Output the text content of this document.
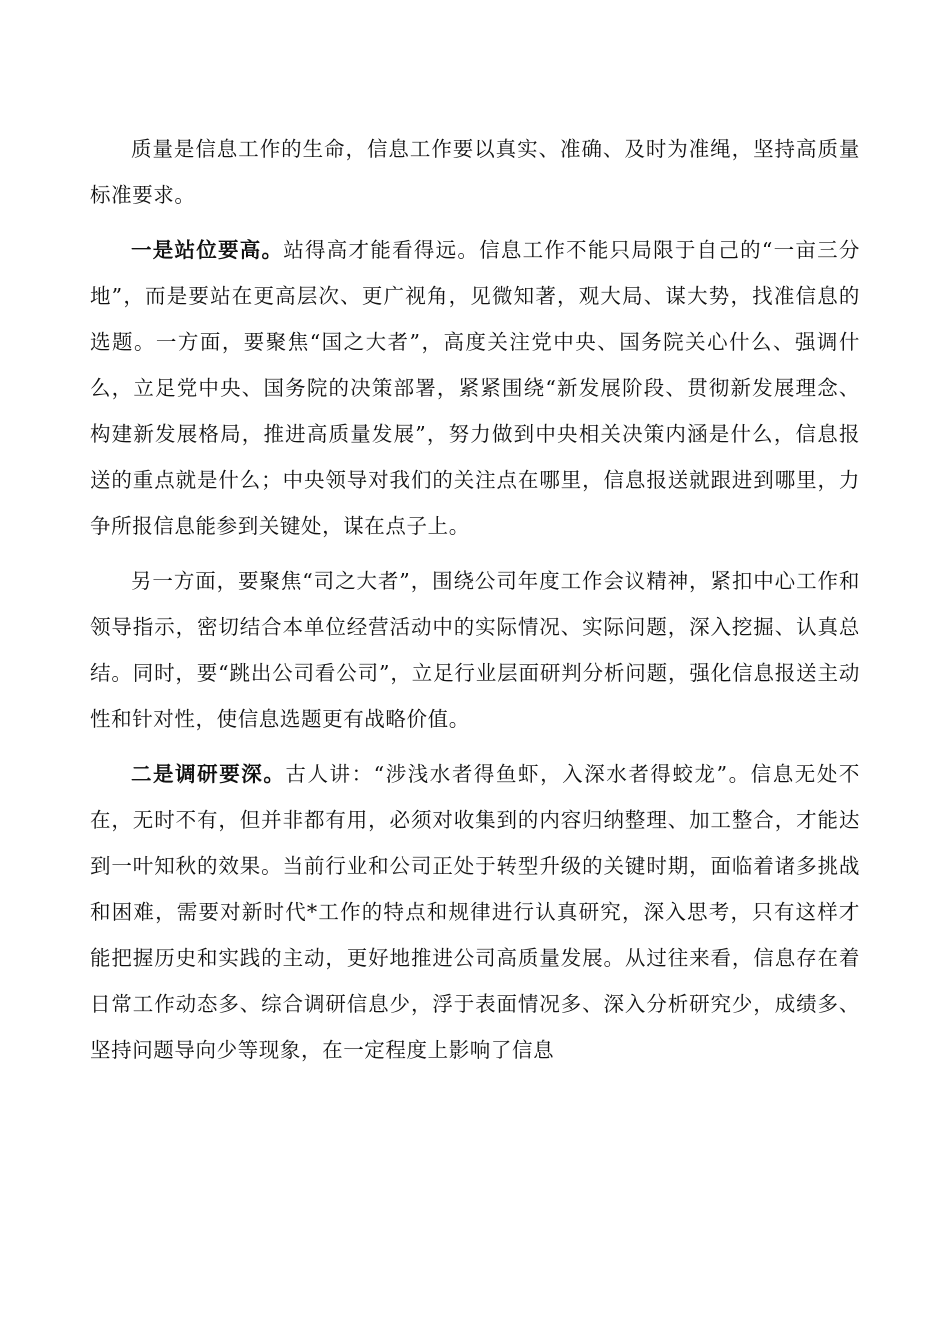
质量是信息工作的生命，信息工作要以真实、准确、及时为准绳，坚持高质量标准要求。

一是站位要高。站得高才能看得远。信息工作不能只局限于自己的“一亩三分地”，而是要站在更高层次、更广视角，见微知著，观大局、谋大势，找准信息的选题。一方面，要聚焦“国之大者”，高度关注党中央、国务院关心什么、强调什么，立足党中央、国务院的决策部署，紧紧围绕“新发展阶段、贯彻新发展理念、构建新发展格局，推进高质量发展”，努力做到中央相关决策内涵是什么，信息报送的重点就是什么；中央领导对我们的关注点在哪里，信息报送就跟进到哪里，力争所报信息能参到关键处，谋在点子上。

另一方面，要聚焦“司之大者”，围绕公司年度工作会议精神，紧扣中心工作和领导指示，密切结合本单位经营活动中的实际情况、实际问题，深入挖掘、认真总结。同时，要“跳出公司看公司”，立足行业层面研判分析问题，强化信息报送主动性和针对性，使信息选题更有战略价值。

二是调研要深。古人讲：“涉浅水者得鱼虾，入深水者得蛟龙”。信息无处不在，无时不有，但并非都有用，必须对收集到的内容归纳整理、加工整合，才能达到一叶知秋的效果。当前行业和公司正处于转型升级的关键时期，面临着诸多挑战和困难，需要对新时代*工作的特点和规律进行认真研究，深入思考，只有这样才能把握历史和实践的主动，更好地推进公司高质量发展。从过往来看，信息存在着日常工作动态多、综合调研信息少，浮于表面情况多、深入分析研究少，成绩多、坚持问题导向少等现象，在一定程度上影响了信息
